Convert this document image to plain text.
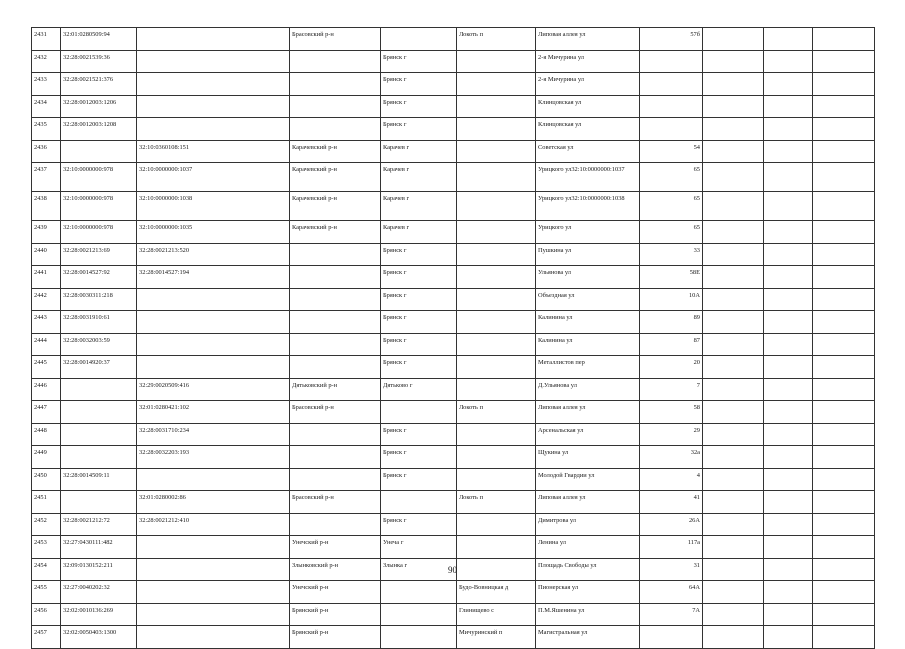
2431	32:01:0280509:94		Брасовский р-н		Локоть п	Липовая аллея ул	57б			
2432	32:28:0021539:36			Брянск г		2-я Мичурина ул				
2433	32:28:0021521:376			Брянск г		2-я Мичурина ул				
2434	32:28:0012003:1206			Брянск г		Клинцовская ул				
2435	32:28:0012003:1208			Брянск г		Клинцовская ул				
2436		32:10:0360108:151	Карачевский р-н	Карачев г		Советская ул	54			
2437	32:10:0000000:978	32:10:0000000:1037	Карачевский р-н	Карачев г		Урицкого ул32:10:0000000:1037	65			
2438	32:10:0000000:978	32:10:0000000:1038	Карачевский р-н	Карачев г		Урицкого ул32:10:0000000:1038	65			
2439	32:10:0000000:978	32:10:0000000:1035	Карачевский р-н	Карачев г		Урицкого ул	65			
2440	32:28:0021213:69	32:28:0021213:520		Брянск г		Пушкина ул	33			
2441	32:28:0014527:92	32:28:0014527:194		Брянск г		Ульянова ул	58Е			
2442	32:28:0030311:218			Брянск г		Объездная ул	10А			
2443	32:28:0031910:61			Брянск г		Калинина ул	89			
2444	32:28:0032003:59			Брянск г		Калинина ул	87			
2445	32:28:0014920:37			Брянск г		Металлистов пер	20			
2446		32:29:0020509:416	Дятьковский р-н	Дятьково г		Д.Ульянова ул	7			
2447		32:01:0280421:102	Брасовский р-н		Локоть п	Липовая аллея ул	58			
2448		32:28:0031710:234		Брянск г		Арсенальская ул	29			
2449		32:28:0032203:193		Брянск г		Щукина ул	32а			
2450	32:28:0014509:11			Брянск г		Молодой Гвардии ул	4			
2451		32:01:0280002:86	Брасовский р-н		Локоть п	Липовая аллея ул	41			
2452	32:28:0021212:72	32:28:0021212:410		Брянск г		Димитрова ул	26А			
2453	32:27:0430111:482		Унечский р-н	Унеча г		Ленина ул	117а			
2454	32:09:0130152:211		Злынковский р-н	Злынка г		Площадь Свободы ул	31			
2455	32:27:0040202:32		Унечский р-н		Будо-Вовницкая д	Пионерская ул	64А			
2456	32:02:0010136:269		Брянский р-н		Глинищево с	П.М.Яшенина ул	7А			
2457	32:02:0050403:1300		Брянский р-н		Мичуринский п	Магистральная ул				
90
